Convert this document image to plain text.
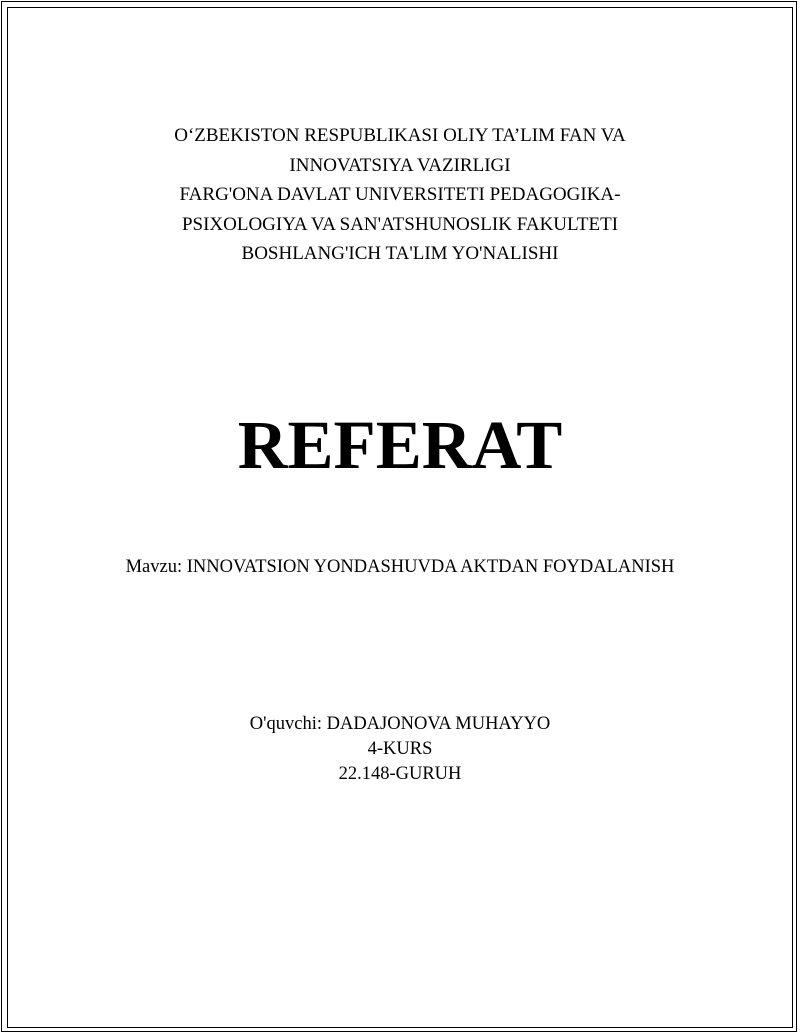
O‘ZBEKISTON RESPUBLIKASI OLIY TA’LIM FAN VA
INNOVATSIYA VAZIRLIGI
FARG'ONA DAVLAT UNIVERSITETI PEDAGOGIKA-
PSIXOLOGIYA VA SAN'ATSHUNOSLIK FAKULTETI
BOSHLANG'ICH TA'LIM YO'NALISHI
REFERAT
Mavzu: INNOVATSION YONDASHUVDA AKTDAN FOYDALANISH
O'quvchi: DADAJONOVA MUHAYYO
4-KURS
22.148-GURUH
